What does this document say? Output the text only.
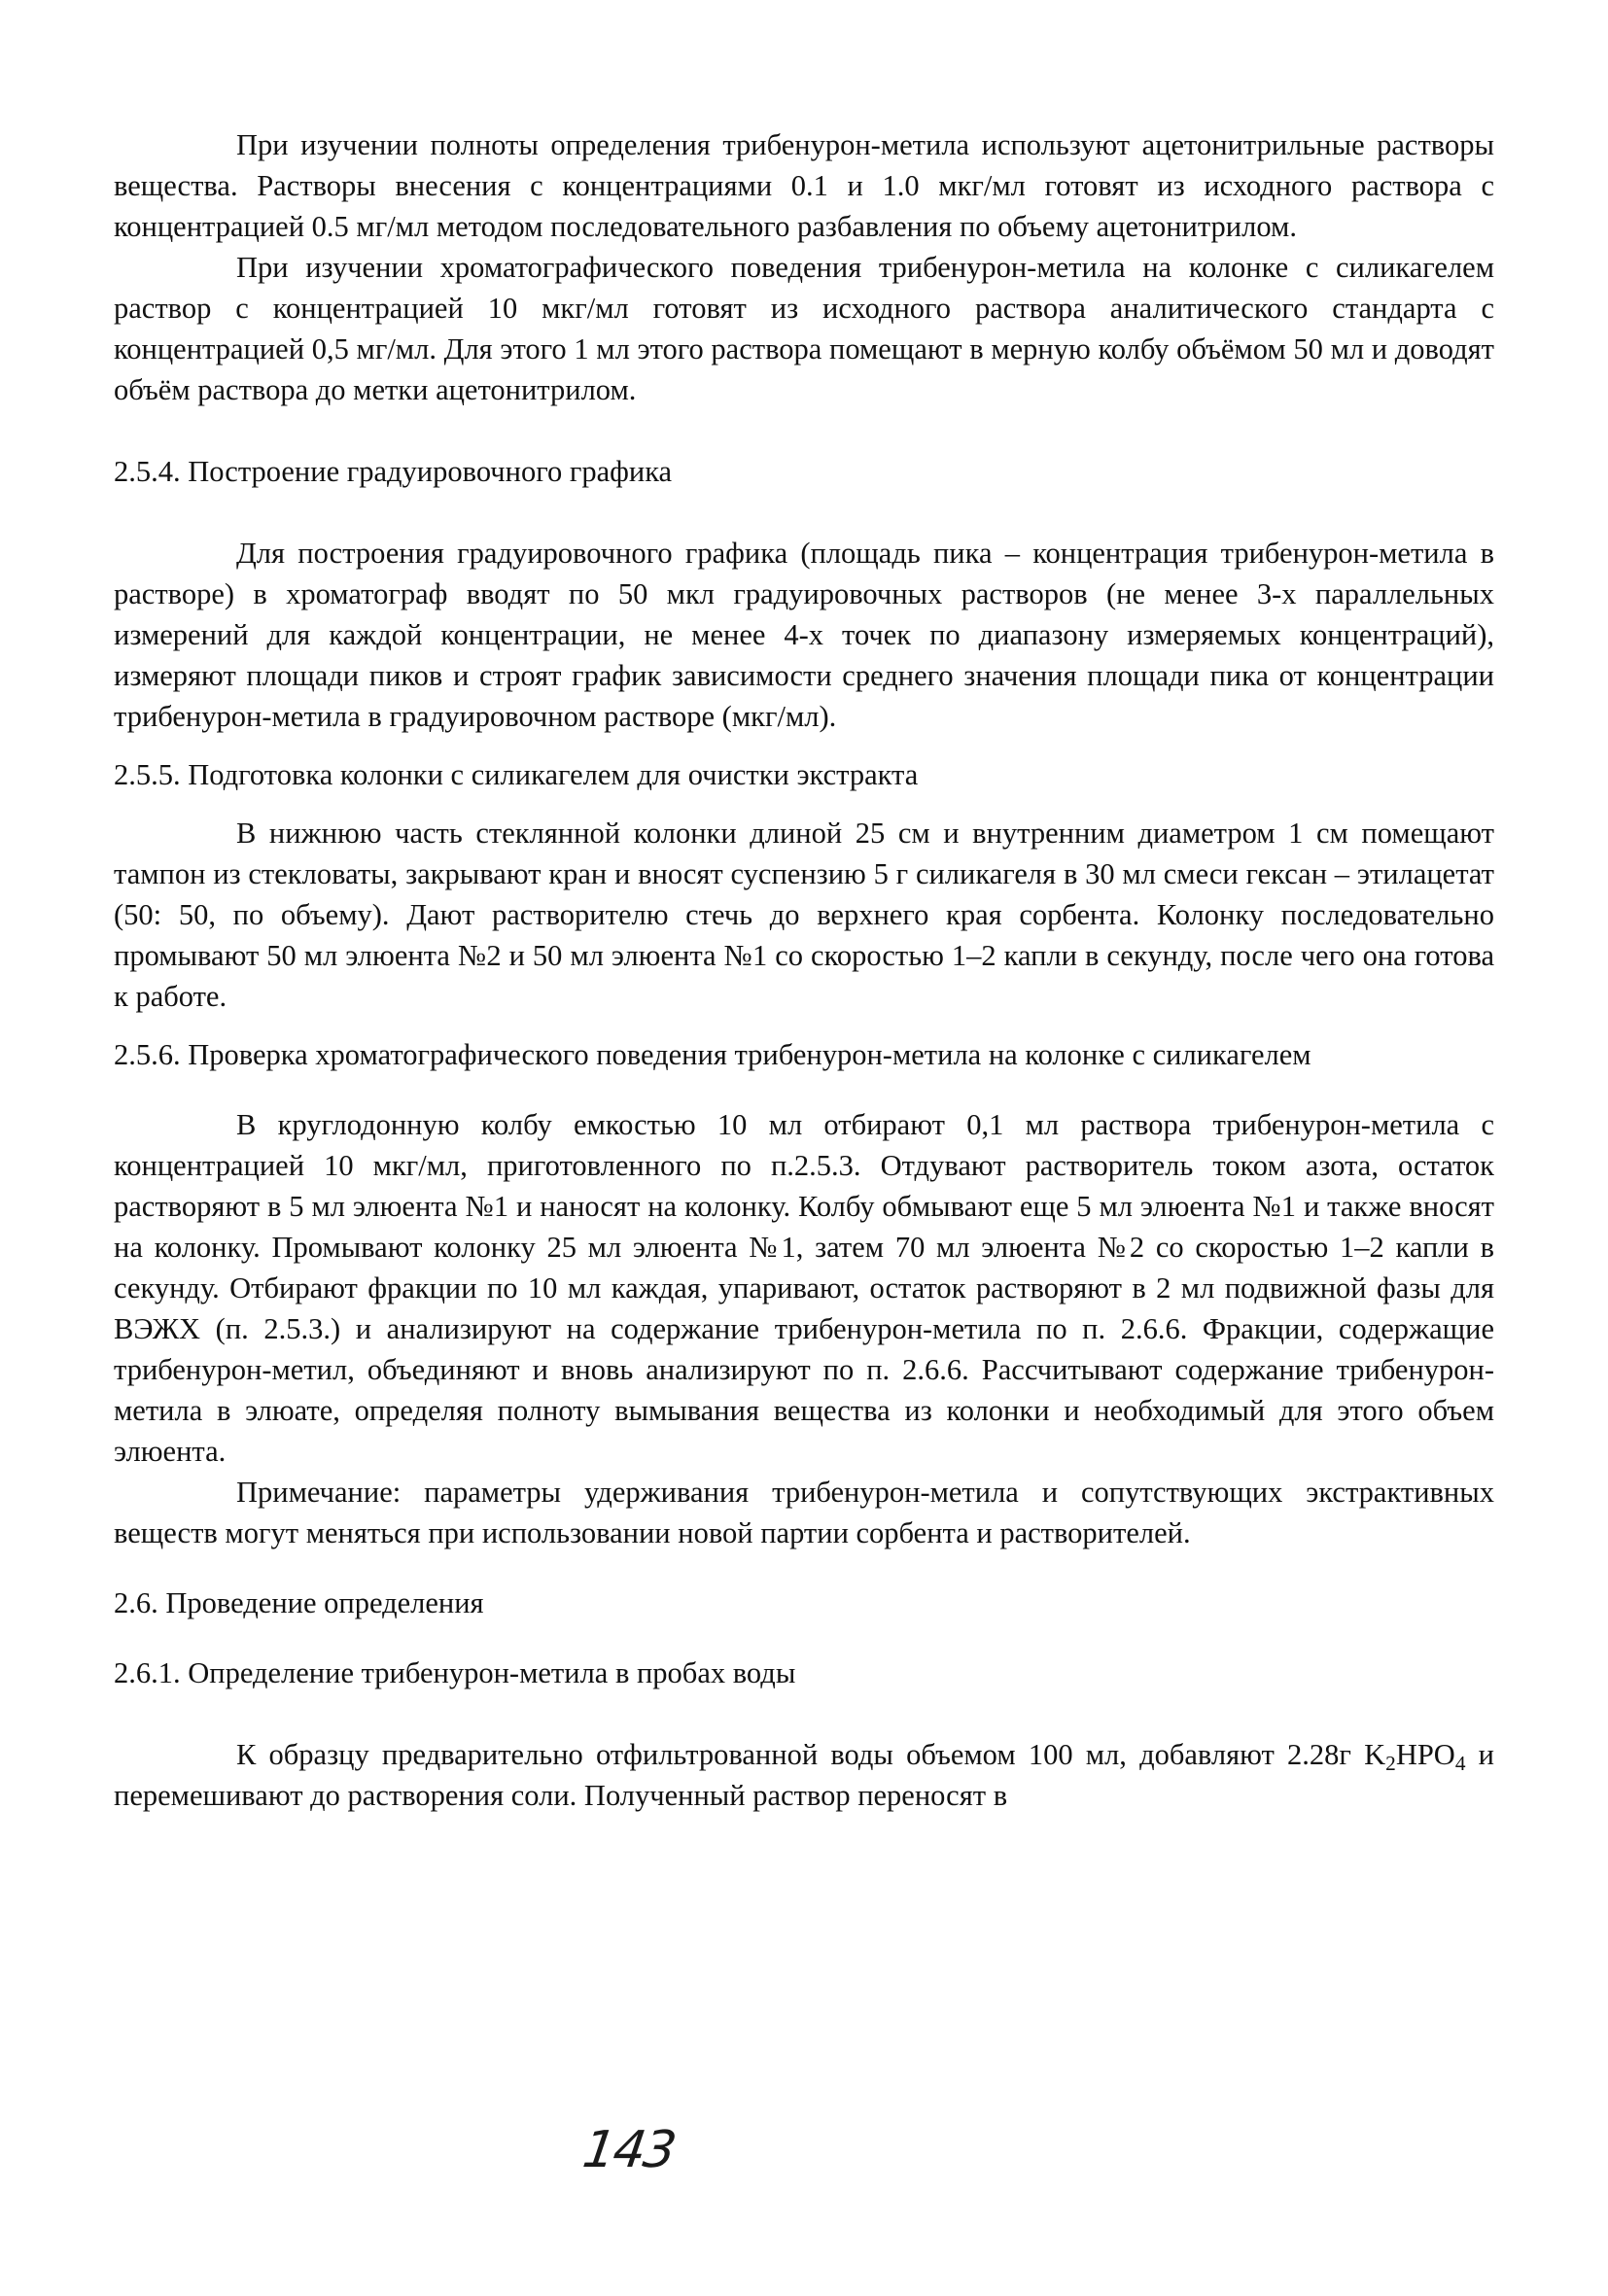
При изучении полноты определения трибенурон-метила используют ацетонитрильные растворы вещества. Растворы внесения с концентрациями 0.1 и 1.0 мкг/мл готовят из исходного раствора с концентрацией 0.5 мг/мл методом последовательного разбавления по объему ацетонитрилом.

При изучении хроматографического поведения трибенурон-метила на колонке с силикагелем раствор с концентрацией 10 мкг/мл готовят из исходного раствора аналитического стандарта с концентрацией 0,5 мг/мл. Для этого 1 мл этого раствора помещают в мерную колбу объёмом 50 мл и доводят объём раствора до метки ацетонитрилом.

2.5.4. Построение градуировочного графика

Для построения градуировочного графика (площадь пика – концентрация трибенурон-метила в растворе) в хроматограф вводят по 50 мкл градуировочных растворов (не менее 3-х параллельных измерений для каждой концентрации, не менее 4-х точек по диапазону измеряемых концентраций), измеряют площади пиков и строят график зависимости среднего значения площади пика от концентрации трибенурон-метила в градуировочном растворе (мкг/мл).

2.5.5. Подготовка колонки с силикагелем для очистки экстракта

В нижнюю часть стеклянной колонки длиной 25 см и внутренним диаметром 1 см помещают тампон из стекловаты, закрывают кран и вносят суспензию 5 г силикагеля в 30 мл смеси гексан – этилацетат (50: 50, по объему). Дают растворителю стечь до верхнего края сорбента. Колонку последовательно промывают 50 мл элюента №2 и 50 мл элюента №1 со скоростью 1–2 капли в секунду, после чего она готова к работе.

2.5.6. Проверка хроматографического поведения трибенурон-метила на колонке с силикагелем

В круглодонную колбу емкостью 10 мл отбирают 0,1 мл раствора трибенурон-метила с концентрацией 10 мкг/мл, приготовленного по п.2.5.3. Отдувают растворитель током азота, остаток растворяют в 5 мл элюента №1 и наносят на колонку. Колбу обмывают еще 5 мл элюента №1 и также вносят на колонку. Промывают колонку 25 мл элюента №1, затем 70 мл элюента №2 со скоростью 1–2 капли в секунду. Отбирают фракции по 10 мл каждая, упаривают, остаток растворяют в 2 мл подвижной фазы для ВЭЖХ (п. 2.5.3.) и анализируют на содержание трибенурон-метила по п. 2.6.6. Фракции, содержащие трибенурон-метил, объединяют и вновь анализируют по п. 2.6.6. Рассчитывают содержание трибенурон-метила в элюате, определяя полноту вымывания вещества из колонки и необходимый для этого объем элюента.

Примечание: параметры удерживания трибенурон-метила и сопутствующих экстрактивных веществ могут меняться при использовании новой партии сорбента и растворителей.

2.6. Проведение определения

2.6.1. Определение трибенурон-метила в пробах воды

К образцу предварительно отфильтрованной воды объемом 100 мл, добавляют 2.28г $K_2HPO_4$ и перемешивают до растворения соли. Полученный раствор переносят в

143
